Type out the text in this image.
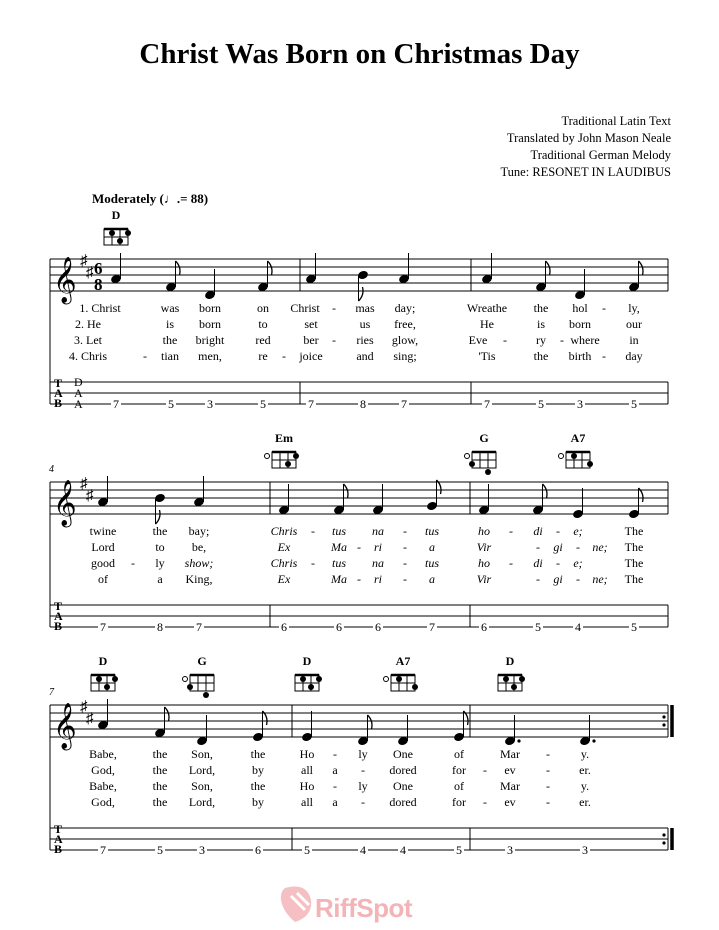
Christ Was Born on Christmas Day
Traditional Latin Text
Translated by John Mason Neale
Traditional German Melody
Tune: RESONET IN LAUDIBUS
Moderately (♩.= 88)
𝄞 ♯
♯ 6
8
T
A
B
D
A
A	7	5	3	5	7	8	7	7	5	3	5
D
1. Christ	was born	on Christ - mas day;	Wreathe the hol - ly,
2. He	is born	to	set	us free,	He	is born	our
3. Let	the bright	red	ber - ries glow,	Eve - ry - where in
4. Chris	- tian men,	re - joice	and sing;	'Tis	the birth - day
𝄞 ♯
♯
4
T
A
B	7	8	7	6	6	6	7	6	5	4	5
Em	G	A7
twine	the bay;	Chris - tus na - tus	ho - di - e;	The
Lord	to be,	Ex	Ma - ri - a	Vir	- gi - ne; The
good - ly show;	Chris - tus na - tus	ho - di - e;	The
of	a King,	Ex	Ma - ri - a	Vir	- gi - ne; The
𝄞 ♯
♯
7
T
A
B	7	5	3	6	5	4	4	5	3	3
D	G	D	A7	D
Babe,	the Son,	the	Ho - ly One	of	Mar -	y.
God,	the Lord,	by	all a - dored	for - ev	- er.
Babe,	the Son,	the	Ho - ly One	of	Mar -	y.
God,	the Lord,	by	all a - dored	for - ev	- er.
RiffSpot
